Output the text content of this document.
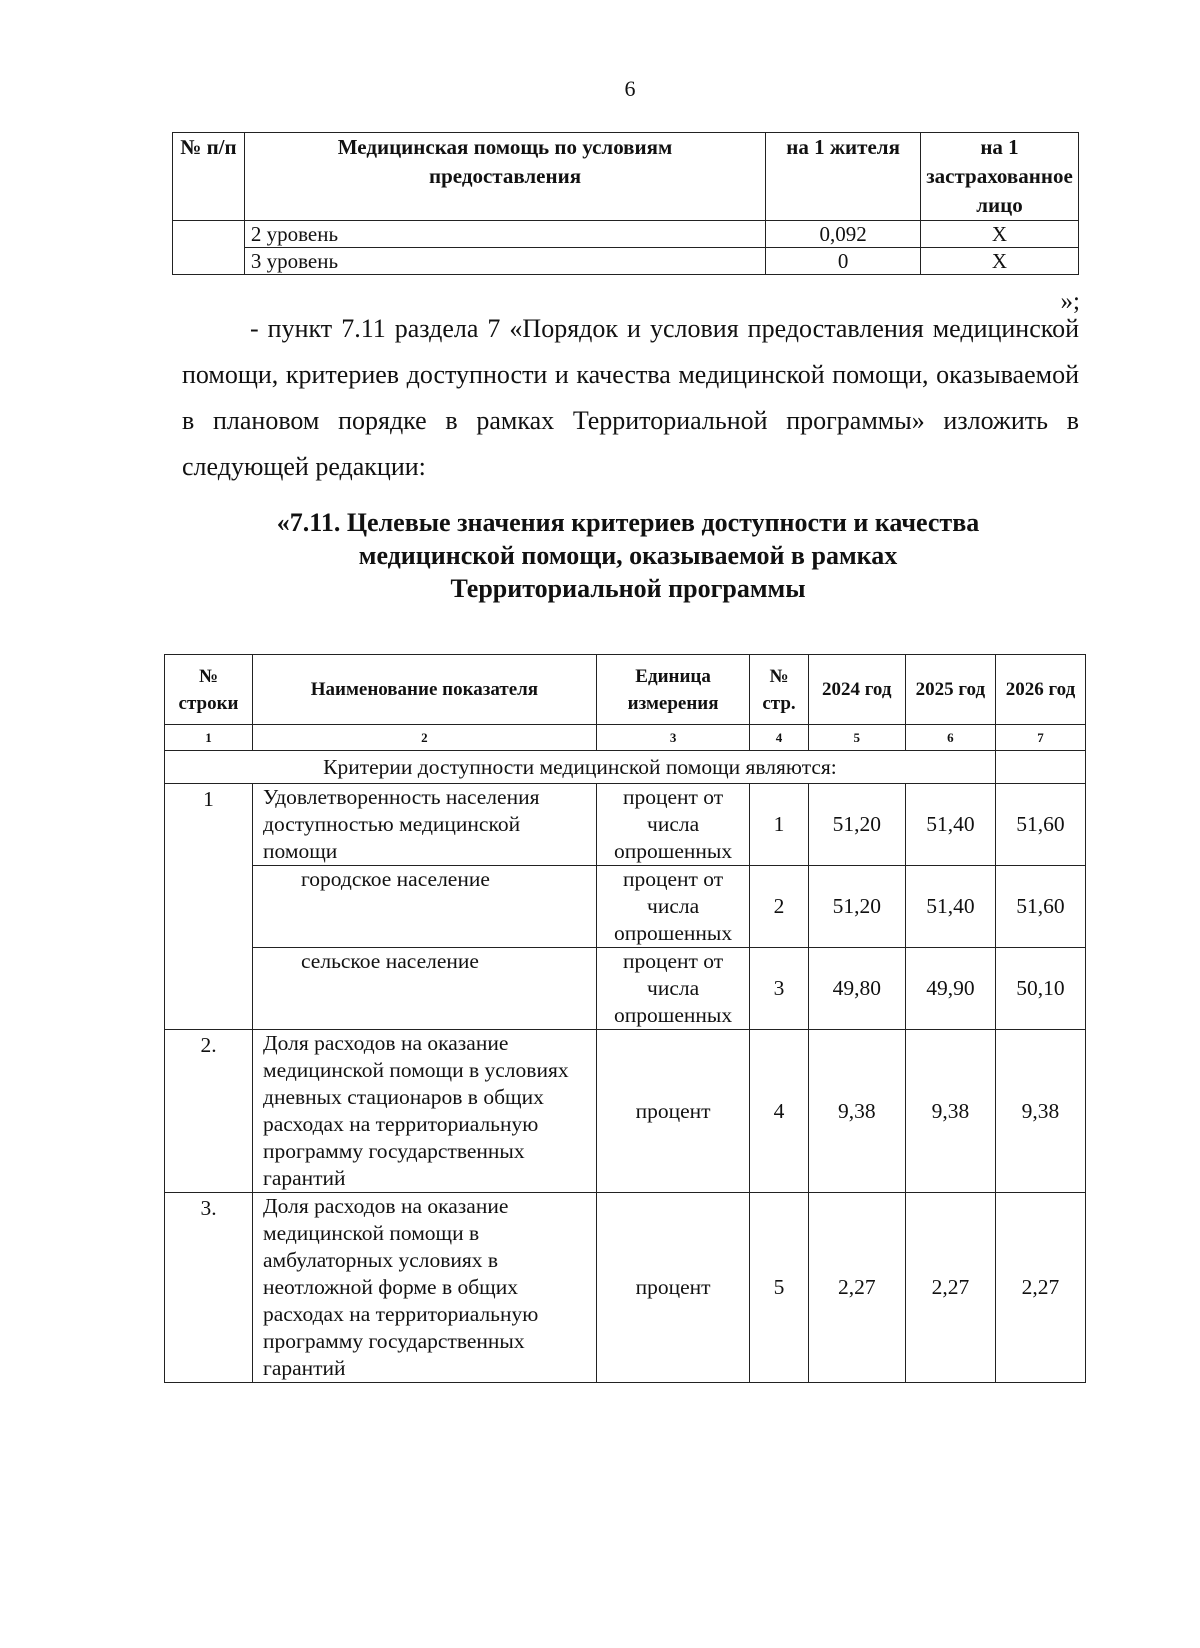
6
№ п/п	Медицинская помощь по условиям предоставления	на 1 жителя	на 1 застрахованное лицо
	2 уровень	0,092	Х
	3 уровень	0	Х
»;

- пункт 7.11 раздела 7 «Порядок и условия предоставления медицинской помощи, критериев доступности и качества медицинской помощи, оказываемой в плановом порядке в рамках Территориальной программы» изложить в следующей редакции:

«7.11. Целевые значения критериев доступности и качества
медицинской помощи, оказываемой в рамках
Территориальной программы
№ строки	Наименование показателя	Единица измерения	№ стр.	2024 год	2025 год	2026 год
1	2	3	4	5	6	7
Критерии доступности медицинской помощи являются:						
1	Удовлетворенность населения доступностью медицинской помощи	процент от числа опрошенных	1	51,20	51,40	51,60
	городское население	процент от числа опрошенных	2	51,20	51,40	51,60
	сельское население	процент от числа опрошенных	3	49,80	49,90	50,10
2.	Доля расходов на оказание медицинской помощи в условиях дневных стационаров в общих расходах на территориальную программу государственных гарантий	процент	4	9,38	9,38	9,38
3.	Доля расходов на оказание медицинской помощи в амбулаторных условиях в неотложной форме в общих расходах на территориальную программу государственных гарантий	процент	5	2,27	2,27	2,27
